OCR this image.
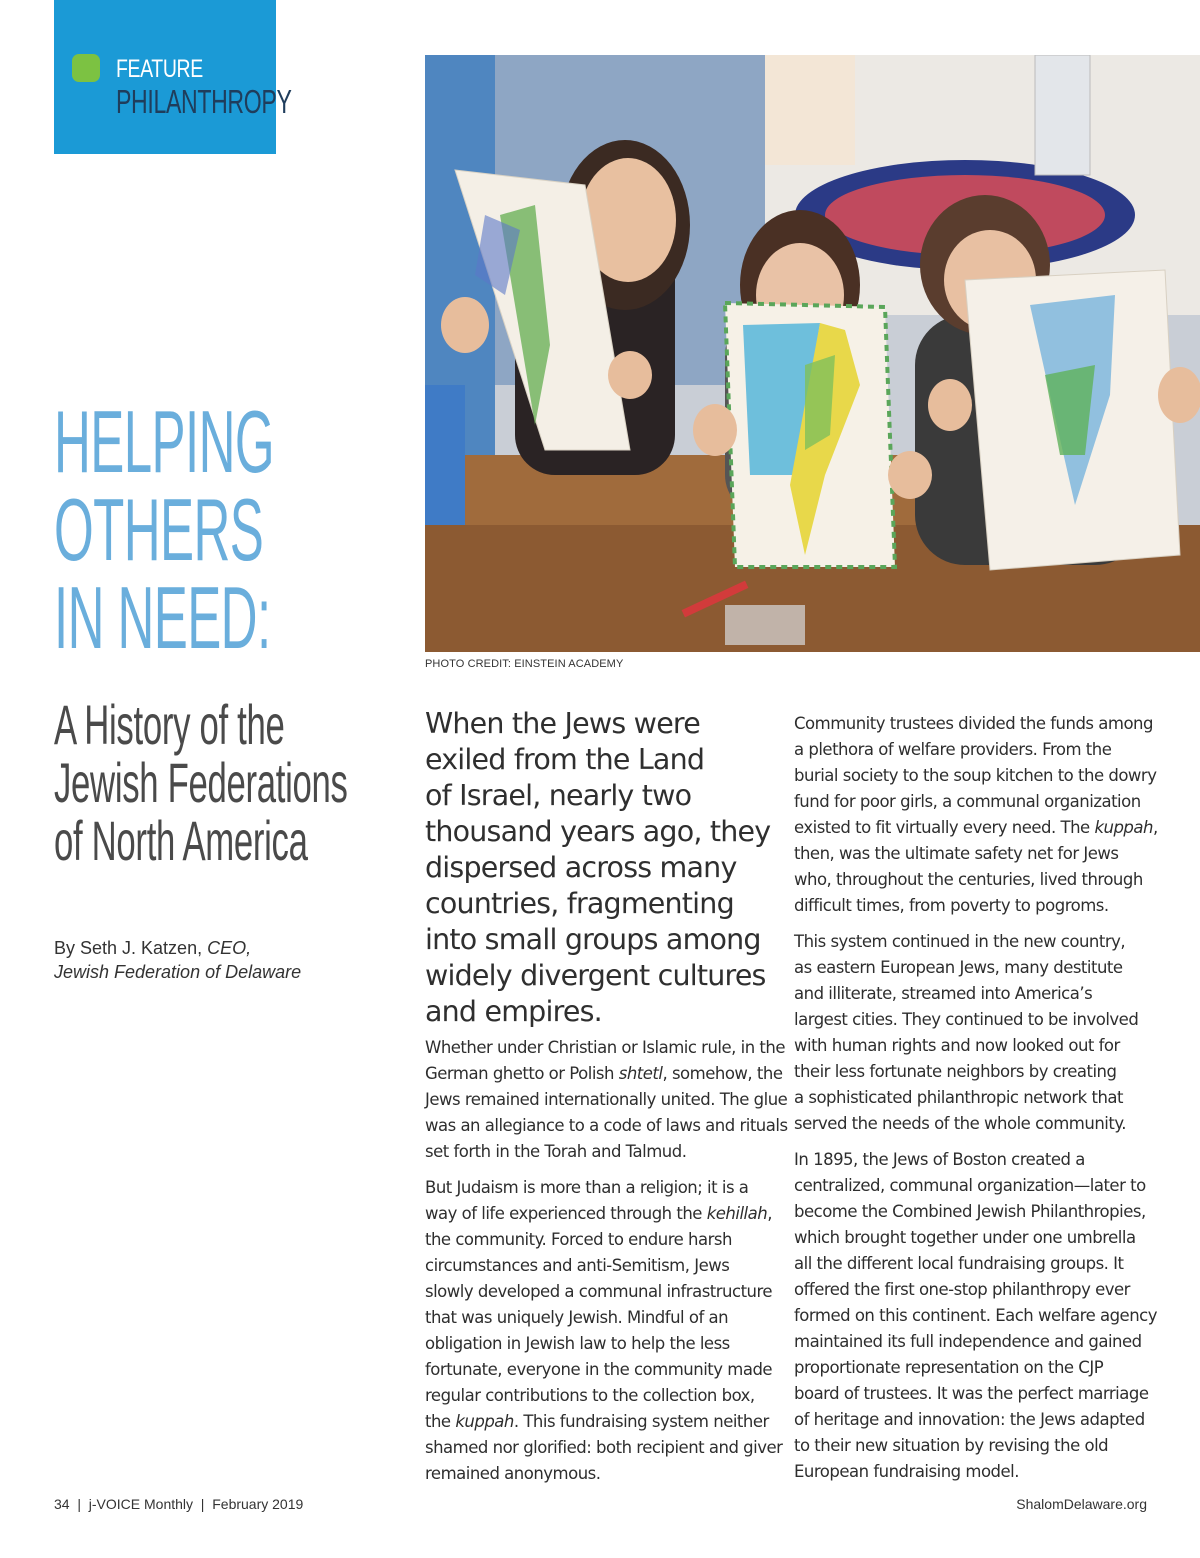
FEATURE
PHILANTHROPY
PHOTO CREDIT: EINSTEIN ACADEMY
HELPING
OTHERS
IN NEED:
A History of the
Jewish Federations
of North America
By Seth J. Katzen, CEO,
Jewish Federation of Delaware
When the Jews were
exiled from the Land
of Israel, nearly two
thousand years ago, they
dispersed across many
countries, fragmenting
into small groups among
widely divergent cultures
and empires.

Whether under Christian or Islamic rule, in the
German ghetto or Polish shtetl, somehow, the
Jews remained internationally united. The glue
was an allegiance to a code of laws and rituals
set forth in the Torah and Talmud.

But Judaism is more than a religion; it is a
way of life experienced through the kehillah,
the community. Forced to endure harsh
circumstances and anti-Semitism, Jews
slowly developed a communal infrastructure
that was uniquely Jewish. Mindful of an
obligation in Jewish law to help the less
fortunate, everyone in the community made
regular contributions to the collection box,
the kuppah. This fundraising system neither
shamed nor glorified: both recipient and giver
remained anonymous.

Community trustees divided the funds among
a plethora of welfare providers. From the
burial society to the soup kitchen to the dowry
fund for poor girls, a communal organization
existed to fit virtually every need. The kuppah,
then, was the ultimate safety net for Jews
who, throughout the centuries, lived through
difficult times, from poverty to pogroms.

This system continued in the new country,
as eastern European Jews, many destitute
and illiterate, streamed into America’s
largest cities. They continued to be involved
with human rights and now looked out for
their less fortunate neighbors by creating
a sophisticated philanthropic network that
served the needs of the whole community.

In 1895, the Jews of Boston created a
centralized, communal organization—later to
become the Combined Jewish Philanthropies,
which brought together under one umbrella
all the different local fundraising groups. It
offered the first one-stop philanthropy ever
formed on this continent. Each welfare agency
maintained its full independence and gained
proportionate representation on the CJP
board of trustees. It was the perfect marriage
of heritage and innovation: the Jews adapted
to their new situation by revising the old
European fundraising model.

34  |  j-VOICE Monthly  |  February 2019	ShalomDelaware.org
